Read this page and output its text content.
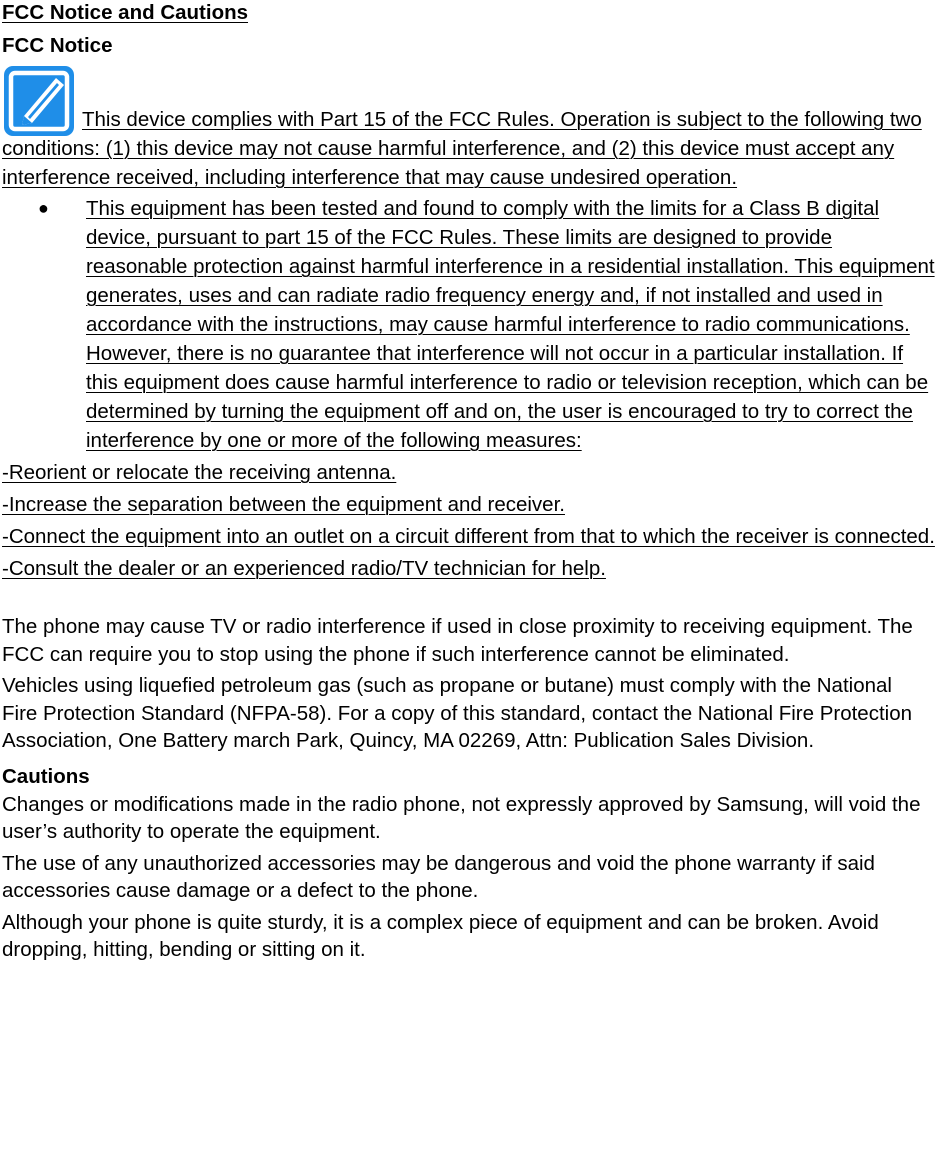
FCC Notice and Cautions
FCC Notice
This device complies with Part 15 of the FCC Rules. Operation is subject to the following two conditions: (1) this device may not cause harmful interference, and (2) this device must accept any interference received, including interference that may cause undesired operation.
●	This equipment has been tested and found to comply with the limits for a Class B digital device, pursuant to part 15 of the FCC Rules. These limits are designed to provide reasonable protection against harmful interference in a residential installation. This equipment generates, uses and can radiate radio frequency energy and, if not installed and used in accordance with the instructions, may cause harmful interference to radio communications. However, there is no guarantee that interference will not occur in a particular installation. If this equipment does cause harmful interference to radio or television reception, which can be determined by turning the equipment off and on, the user is encouraged to try to correct the interference by one or more of the following measures:
-Reorient or relocate the receiving antenna.
-Increase the separation between the equipment and receiver.
-Connect the equipment into an outlet on a circuit different from that to which the receiver is connected.
-Consult the dealer or an experienced radio/TV technician for help.

The phone may cause TV or radio interference if used in close proximity to receiving equipment. The FCC can require you to stop using the phone if such interference cannot be eliminated.

Vehicles using liquefied petroleum gas (such as propane or butane) must comply with the National Fire Protection Standard (NFPA-58). For a copy of this standard, contact the National Fire Protection Association, One Battery march Park, Quincy, MA 02269, Attn: Publication Sales Division.

Cautions

Changes or modifications made in the radio phone, not expressly approved by Samsung, will void the user’s authority to operate the equipment.

The use of any unauthorized accessories may be dangerous and void the phone warranty if said accessories cause damage or a defect to the phone.

Although your phone is quite sturdy, it is a complex piece of equipment and can be broken. Avoid dropping, hitting, bending or sitting on it.
